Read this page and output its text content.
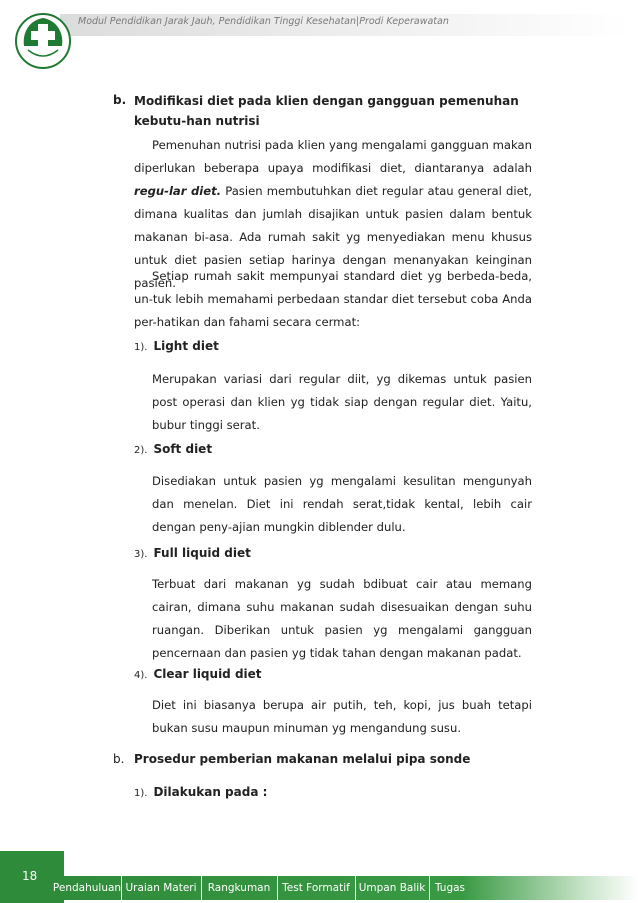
Modul Pendidikan Jarak Jauh, Pendidikan Tinggi Kesehatan|Prodi Keperawatan
b. Modifikasi diet pada klien dengan gangguan pemenuhan kebutu-han nutrisi

Pemenuhan nutrisi pada klien yang mengalami gangguan makan diperlukan beberapa upaya modifikasi diet, diantaranya adalah regu-lar diet. Pasien membutuhkan diet regular atau general diet, dimana kualitas dan jumlah disajikan untuk pasien dalam bentuk makanan bi-asa. Ada rumah sakit yg menyediakan menu khusus untuk diet pasien setiap harinya dengan menanyakan keinginan pasien.

Setiap rumah sakit mempunyai standard diet yg berbeda-beda, un-tuk lebih memahami perbedaan standar diet tersebut coba Anda per-hatikan dan fahami secara cermat:

1). Light diet

Merupakan variasi dari regular diit, yg dikemas untuk pasien post operasi dan klien yg tidak siap dengan regular diet. Yaitu, bubur tinggi serat.

2). Soft diet

Disediakan untuk pasien yg mengalami kesulitan mengunyah dan menelan. Diet ini rendah serat,tidak kental, lebih cair dengan peny-ajian mungkin diblender dulu.

3). Full liquid diet

Terbuat dari makanan yg sudah bdibuat cair atau memang cairan, dimana suhu makanan sudah disesuaikan dengan suhu ruangan. Diberikan untuk pasien yg mengalami gangguan pencernaan dan pasien yg tidak tahan dengan makanan padat.

4). Clear liquid diet

Diet ini biasanya berupa air putih, teh, kopi, jus buah tetapi bukan susu maupun minuman yg mengandung susu.

b. Prosedur pemberian makanan melalui pipa sonde
1). Dilakukan pada :
18
Pendahuluan Uraian Materi	Rangkuman	Test Formatif Umpan Balik Tugas
